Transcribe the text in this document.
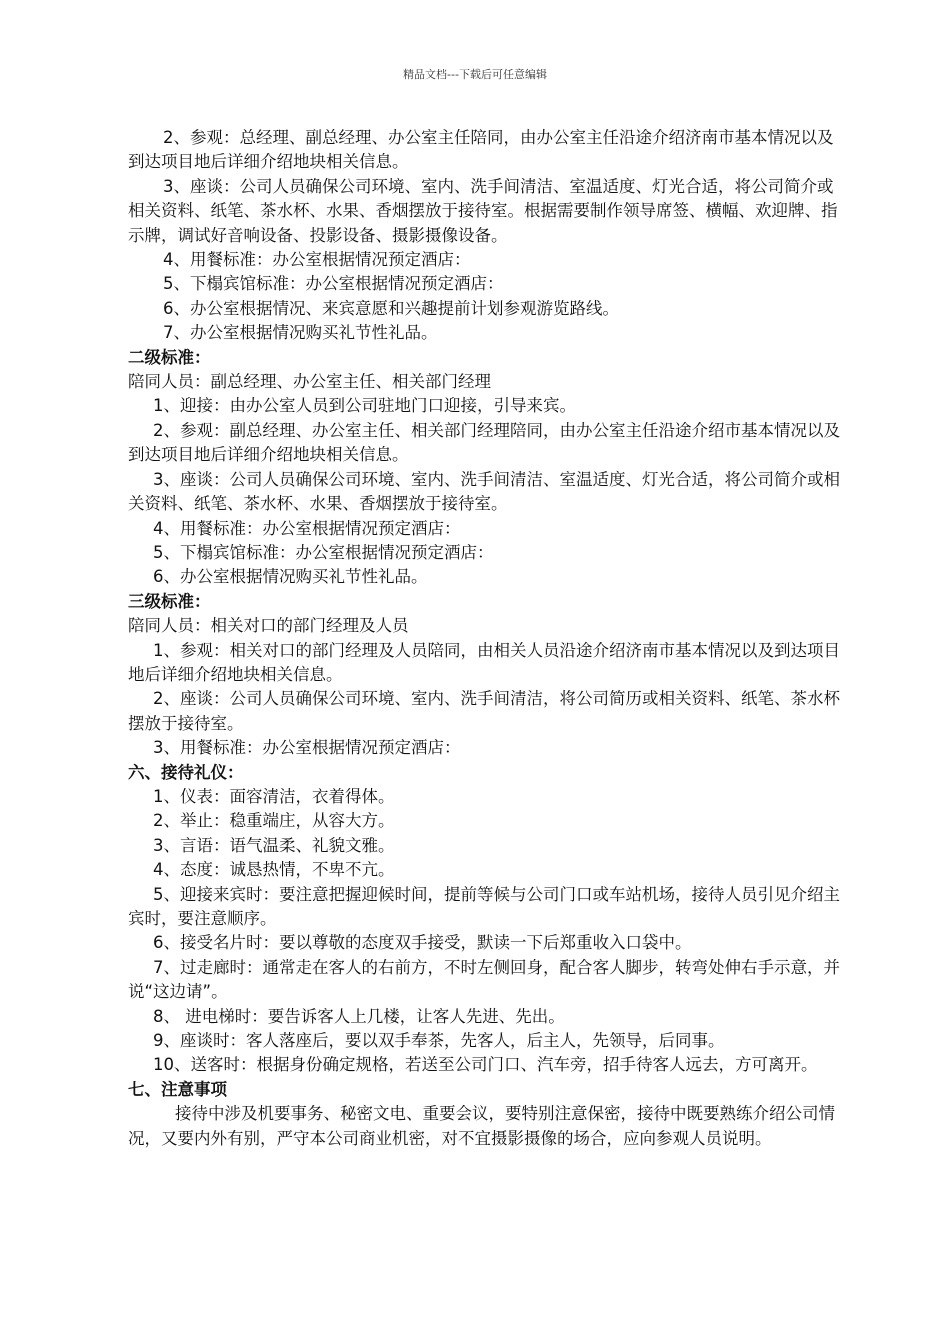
精品文档---下载后可任意编辑

2、参观：总经理、副总经理、办公室主任陪同，由办公室主任沿途介绍济南市基本情况以及到达项目地后详细介绍地块相关信息。

3、座谈：公司人员确保公司环境、室内、洗手间清洁、室温适度、灯光合适，将公司简介或相关资料、纸笔、茶水杯、水果、香烟摆放于接待室。根据需要制作领导席签、横幅、欢迎牌、指示牌，调试好音响设备、投影设备、摄影摄像设备。

4、用餐标准：办公室根据情况预定酒店：

5、下榻宾馆标准：办公室根据情况预定酒店：

6、办公室根据情况、来宾意愿和兴趣提前计划参观游览路线。

7、办公室根据情况购买礼节性礼品。

二级标准：

陪同人员：副总经理、办公室主任、相关部门经理

1、迎接：由办公室人员到公司驻地门口迎接，引导来宾。

2、参观：副总经理、办公室主任、相关部门经理陪同，由办公室主任沿途介绍市基本情况以及到达项目地后详细介绍地块相关信息。

3、座谈：公司人员确保公司环境、室内、洗手间清洁、室温适度、灯光合适，将公司简介或相关资料、纸笔、茶水杯、水果、香烟摆放于接待室。

4、用餐标准：办公室根据情况预定酒店：

5、下榻宾馆标准：办公室根据情况预定酒店：

6、办公室根据情况购买礼节性礼品。

三级标准：

陪同人员：相关对口的部门经理及人员

1、参观：相关对口的部门经理及人员陪同，由相关人员沿途介绍济南市基本情况以及到达项目地后详细介绍地块相关信息。

2、座谈：公司人员确保公司环境、室内、洗手间清洁，将公司简历或相关资料、纸笔、茶水杯摆放于接待室。

3、用餐标准：办公室根据情况预定酒店：

六、接待礼仪：

1、仪表：面容清洁，衣着得体。

2、举止：稳重端庄，从容大方。

3、言语：语气温柔、礼貌文雅。

4、态度：诚恳热情，不卑不亢。

5、迎接来宾时：要注意把握迎候时间，提前等候与公司门口或车站机场，接待人员引见介绍主宾时，要注意顺序。

6、接受名片时：要以尊敬的态度双手接受，默读一下后郑重收入口袋中。

7、过走廊时：通常走在客人的右前方，不时左侧回身，配合客人脚步，转弯处伸右手示意，并说“这边请”。

8、 进电梯时：要告诉客人上几楼，让客人先进、先出。

9、座谈时：客人落座后，要以双手奉茶，先客人，后主人，先领导，后同事。

10、送客时：根据身份确定规格，若送至公司门口、汽车旁，招手待客人远去，方可离开。

七、注意事项

接待中涉及机要事务、秘密文电、重要会议，要特别注意保密，接待中既要熟练介绍公司情况，又要内外有别，严守本公司商业机密，对不宜摄影摄像的场合，应向参观人员说明。
